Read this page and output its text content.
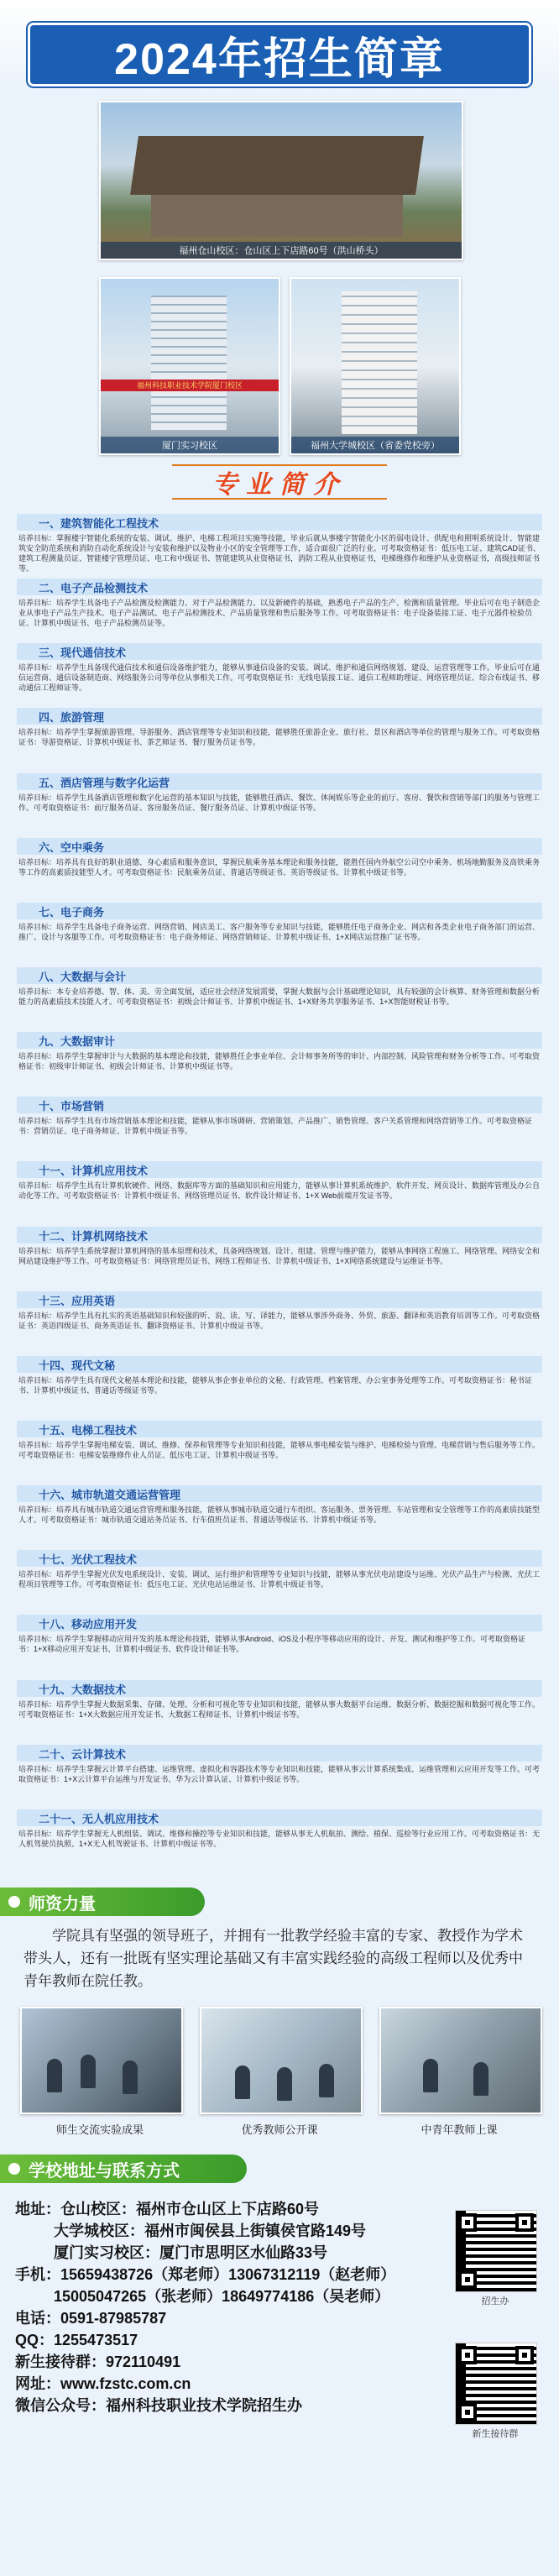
2024年招生简章
福州仓山校区：仓山区上下店路60号（洪山桥头）
福州科技职业技术学院厦门校区
厦门实习校区	福州大学城校区（省委党校旁）
专业简介
一、建筑智能化工程技术
培养目标：掌握楼宇智能化系统的安装、调试、维护、电梯工程项目实施等技能，毕业后就从事楼宇智能化小区的弱电设计、供配电和照明系统设计、智能建筑安全防范系统和消防自动化系统设计与安装和维护以及物业小区的安全管理等工作，适合面很广泛的行业。可考取资格证书：低压电工证、建筑CAD证书、建筑工程测量员证、智能楼宇管理员证、电工和中级证书、智能建筑从业资格证书，消防工程从业资格证书，电梯维修作和维护从业资格证书，高级技师证书等。
二、电子产品检测技术
培养目标：培养学生具备电子产品检测及检测能力、对于产品检测能力、以及新硬件的基础，熟悉电子产品的生产、检测和质量管理。毕业后可在电子制造企业从事电子产品生产技术、电子产品测试、电子产品检测技术、产品质量管理和售后服务等工作。可考取资格证书：电子设备装接工证、电子元器件检验员证、计算机中级证书、电子产品检测员证等。
三、现代通信技术
培养目标：培养学生具备现代通信技术和通信设备维护能力，能够从事通信设备的安装、调试、维护和通信网络规划、建设、运营管理等工作。毕业后可在通信运营商、通信设备制造商、网络服务公司等单位从事相关工作。可考取资格证书：无线电装接工证、通信工程师助理证、网络管理员证、综合布线证书、移动通信工程师证等。
四、旅游管理
培养目标：培养学生掌握旅游管理、导游服务、酒店管理等专业知识和技能，能够胜任旅游企业、旅行社、景区和酒店等单位的管理与服务工作。可考取资格证书：导游资格证、计算机中级证书、茶艺师证书、餐厅服务员证书等。
五、酒店管理与数字化运营
培养目标：培养学生具备酒店管理和数字化运营的基本知识与技能，能够胜任酒店、餐饮、休闲娱乐等企业的前厅、客房、餐饮和营销等部门的服务与管理工作。可考取资格证书：前厅服务员证、客房服务员证、餐厅服务员证、计算机中级证书等。
六、空中乘务
培养目标：培养具有良好的职业道德、身心素质和服务意识，掌握民航乘务基本理论和服务技能，能胜任国内外航空公司空中乘务、机场地勤服务及高铁乘务等工作的高素质技能型人才。可考取资格证书：民航乘务员证、普通话等级证书、英语等级证书、计算机中级证书等。
七、电子商务
培养目标：培养学生具备电子商务运营、网络营销、网店美工、客户服务等专业知识与技能，能够胜任电子商务企业、网店和各类企业电子商务部门的运营、推广、设计与客服等工作。可考取资格证书：电子商务师证、网络营销师证、计算机中级证书、1+X网店运营推广证书等。
八、大数据与会计
培养目标：本专业培养德、智、体、美、劳全面发展，适应社会经济发展需要，掌握大数据与会计基础理论知识，具有较强的会计核算、财务管理和数据分析能力的高素质技术技能人才。可考取资格证书：初级会计师证书、计算机中级证书、1+X财务共享服务证书、1+X智能财税证书等。
九、大数据审计
培养目标：培养学生掌握审计与大数据的基本理论和技能，能够胜任企事业单位、会计师事务所等的审计、内部控制、风险管理和财务分析等工作。可考取资格证书：初级审计师证书、初级会计师证书、计算机中级证书等。
十、市场营销
培养目标：培养学生具有市场营销基本理论和技能，能够从事市场调研、营销策划、产品推广、销售管理、客户关系管理和网络营销等工作。可考取资格证书：营销员证、电子商务师证、计算机中级证书等。
十一、计算机应用技术
培养目标：培养学生具有计算机软硬件、网络、数据库等方面的基础知识和应用能力，能够从事计算机系统维护、软件开发、网页设计、数据库管理及办公自动化等工作。可考取资格证书：计算机中级证书、网络管理员证书、软件设计师证书、1+X Web前端开发证书等。
十二、计算机网络技术
培养目标：培养学生系统掌握计算机网络的基本原理和技术，具备网络规划、设计、组建、管理与维护能力，能够从事网络工程施工、网络管理、网络安全和网站建设维护等工作。可考取资格证书：网络管理员证书、网络工程师证书、计算机中级证书、1+X网络系统建设与运维证书等。
十三、应用英语
培养目标：培养学生具有扎实的英语基础知识和较强的听、说、读、写、译能力，能够从事涉外商务、外贸、旅游、翻译和英语教育培训等工作。可考取资格证书：英语四级证书、商务英语证书、翻译资格证书、计算机中级证书等。
十四、现代文秘
培养目标：培养学生具有现代文秘基本理论和技能，能够从事企事业单位的文秘、行政管理、档案管理、办公室事务处理等工作。可考取资格证书：秘书证书、计算机中级证书、普通话等级证书等。
十五、电梯工程技术
培养目标：培养学生掌握电梯安装、调试、维修、保养和管理等专业知识和技能，能够从事电梯安装与维护、电梯检验与管理、电梯营销与售后服务等工作。可考取资格证书：电梯安装维修作业人员证、低压电工证、计算机中级证书等。
十六、城市轨道交通运营管理
培养目标：培养具有城市轨道交通运营管理和服务技能，能够从事城市轨道交通行车组织、客运服务、票务管理、车站管理和安全管理等工作的高素质技能型人才。可考取资格证书：城市轨道交通站务员证书、行车值班员证书、普通话等级证书、计算机中级证书等。
十七、光伏工程技术
培养目标：培养学生掌握光伏发电系统设计、安装、调试、运行维护和管理等专业知识与技能，能够从事光伏电站建设与运维、光伏产品生产与检测、光伏工程项目管理等工作。可考取资格证书：低压电工证、光伏电站运维证书、计算机中级证书等。
十八、移动应用开发
培养目标：培养学生掌握移动应用开发的基本理论和技能，能够从事Android、iOS及小程序等移动应用的设计、开发、测试和维护等工作。可考取资格证书：1+X移动应用开发证书、计算机中级证书、软件设计师证书等。
十九、大数据技术
培养目标：培养学生掌握大数据采集、存储、处理、分析和可视化等专业知识和技能，能够从事大数据平台运维、数据分析、数据挖掘和数据可视化等工作。可考取资格证书：1+X大数据应用开发证书、大数据工程师证书、计算机中级证书等。
二十、云计算技术
培养目标：培养学生掌握云计算平台搭建、运维管理、虚拟化和容器技术等专业知识和技能，能够从事云计算系统集成、运维管理和云应用开发等工作。可考取资格证书：1+X云计算平台运维与开发证书、华为云计算认证、计算机中级证书等。
二十一、无人机应用技术
培养目标：培养学生掌握无人机组装、调试、维修和操控等专业知识和技能，能够从事无人机航拍、测绘、植保、巡检等行业应用工作。可考取资格证书：无人机驾驶员执照、1+X无人机驾驶证书、计算机中级证书等。
师资力量
学院具有坚强的领导班子，并拥有一批教学经验丰富的专家、教授作为学术带头人，还有一批既有坚实理论基础又有丰富实践经验的高级工程师以及优秀中青年教师在院任教。
师生交流实验成果	优秀教师公开课	中青年教师上课
学校地址与联系方式
地址：仓山校区：福州市仓山区上下店路60号
大学城校区：福州市闽侯县上街镇侯官路149号
厦门实习校区：厦门市思明区水仙路33号
手机：15659438726（郑老师）13067312119（赵老师）
15005047265（张老师）18649774186（吴老师）
电话：0591-87985787
QQ：1255473517
新生接待群：972110491
网址：www.fzstc.com.cn
微信公众号：福州科技职业技术学院招生办
招生办
新生接待群
